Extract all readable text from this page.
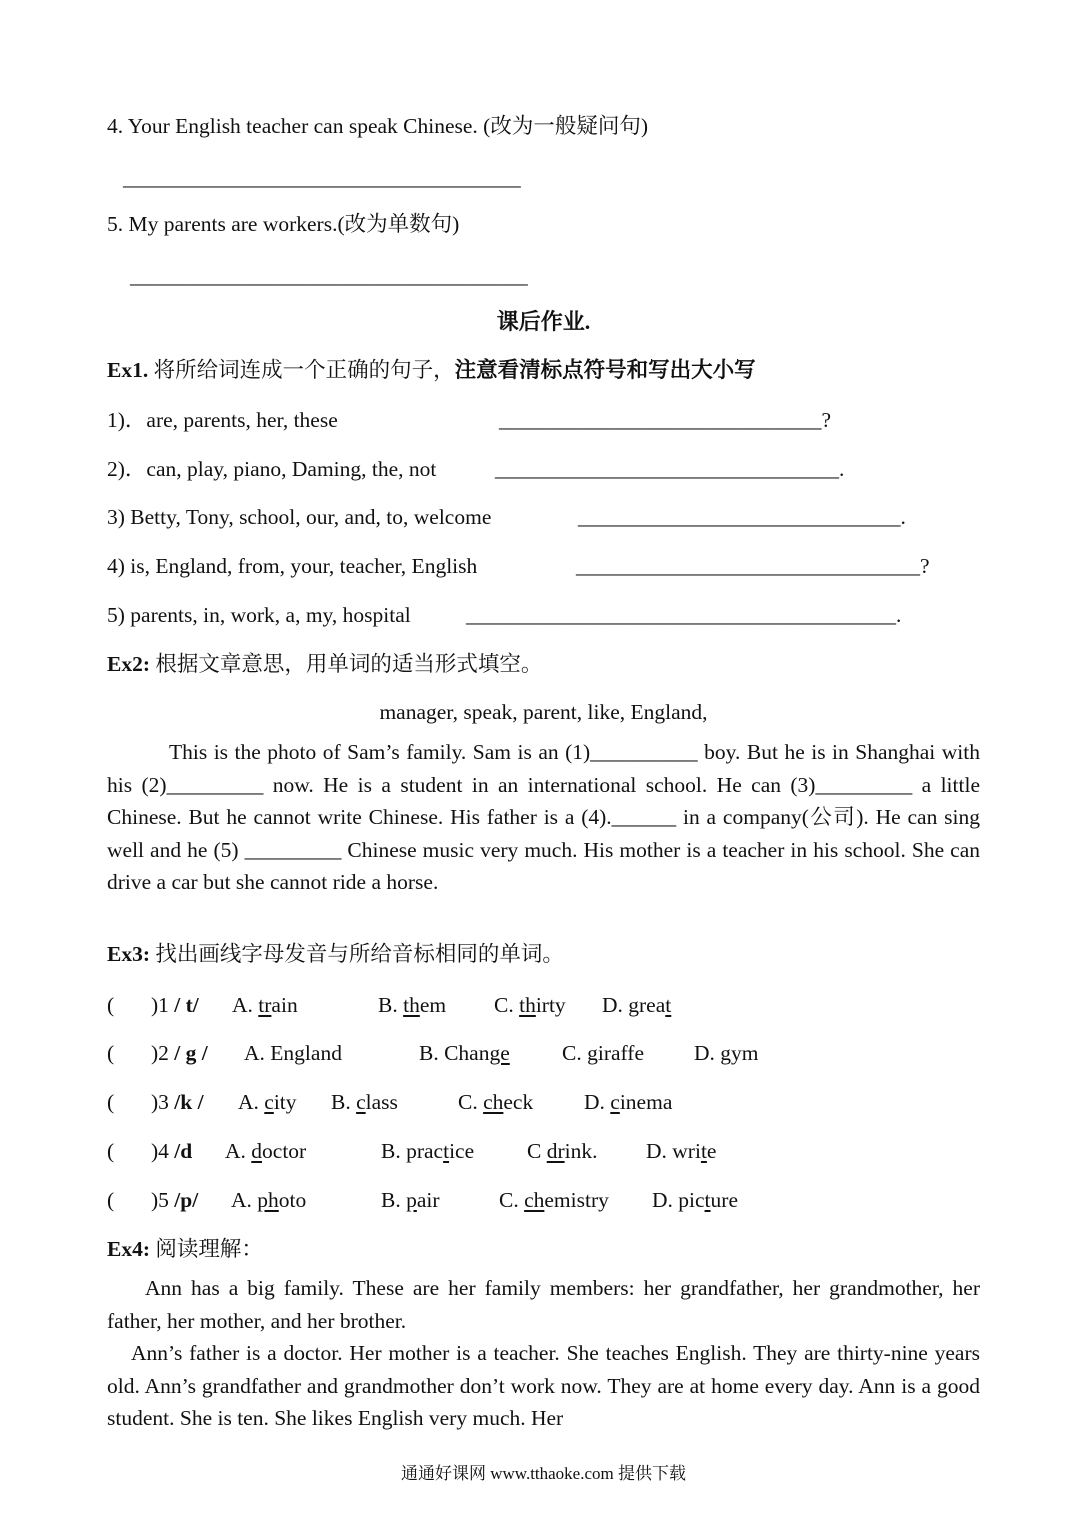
4. Your English teacher can speak Chinese. (改为一般疑问句)
_____________________________________
5. My parents are workers.(改为单数句)
_____________________________________
课后作业.
Ex1. 将所给词连成一个正确的句子，注意看清标点符号和写出大小写
1)．are, parents, her, these	______________________________?
2)．can, play, piano, Daming, the, not	________________________________.
3) Betty, Tony, school, our, and, to, welcome	______________________________.
4) is, England, from, your, teacher, English	________________________________?
5) parents, in, work, a, my, hospital	________________________________________.
Ex2: 根据文章意思，用单词的适当形式填空。
manager, speak, parent, like, England,
This is the photo of Sam’s family. Sam is an (1)__________ boy. But he is in Shanghai with his (2)_________ now. He is a student in an international school. He can (3)_________ a little Chinese. But he cannot write Chinese. His father is a (4).______ in a company(公司). He can sing well and he (5) _________ Chinese music very much. His mother is a teacher in his school. She can drive a car but she cannot ride a horse.
Ex3: 找出画线字母发音与所给音标相同的单词。
( )1 / t/ A. train	B. them C. thirty D. great
( )2 / g / A. England	B. Change C. giraffe D. gym
( )3 /k / A. city B. class	C. check D. cinema
( )4 /d A. doctor	B. practice C drink. D. write
( )5 /p/ A. photo	B. pair	C. chemistry D. picture
Ex4: 阅读理解：
Ann has a big family. These are her family members: her grandfather, her grandmother, her father, her mother, and her brother.
Ann’s father is a doctor. Her mother is a teacher. She teaches English. They are thirty-nine years old. Ann’s grandfather and grandmother don’t work now. They are at home every day. Ann is a good student. She is ten. She likes English very much. Her
通通好课网 www.tthaoke.com 提供下载
